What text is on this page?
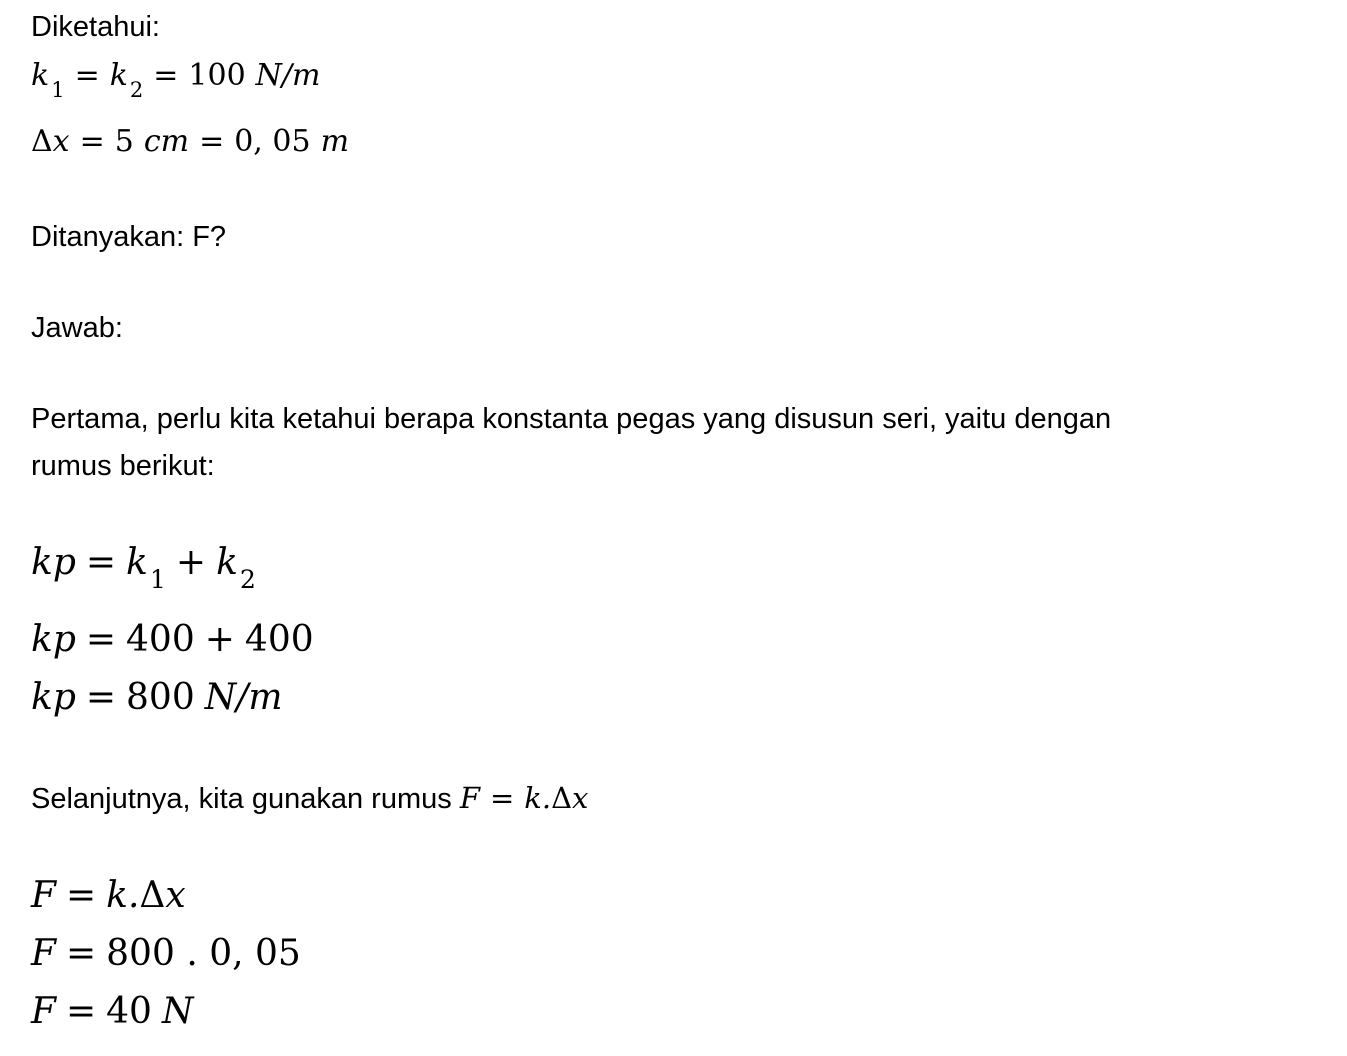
Diketahui:
$k_1 = k_2 = 100$ N/m
Δx = 5 cm = 0, 05 m
Ditanyakan: F?
Jawab:
Pertama, perlu kita ketahui berapa konstanta pegas yang disusun seri, yaitu dengan
rumus berikut:
kp = $k_1 + k_2$
kp = 400 + 400
kp = 800 N/m
Selanjutnya, kita gunakan rumus F = k.Δx
F = k.Δx
F = 800 . 0, 05
F = 40 N
